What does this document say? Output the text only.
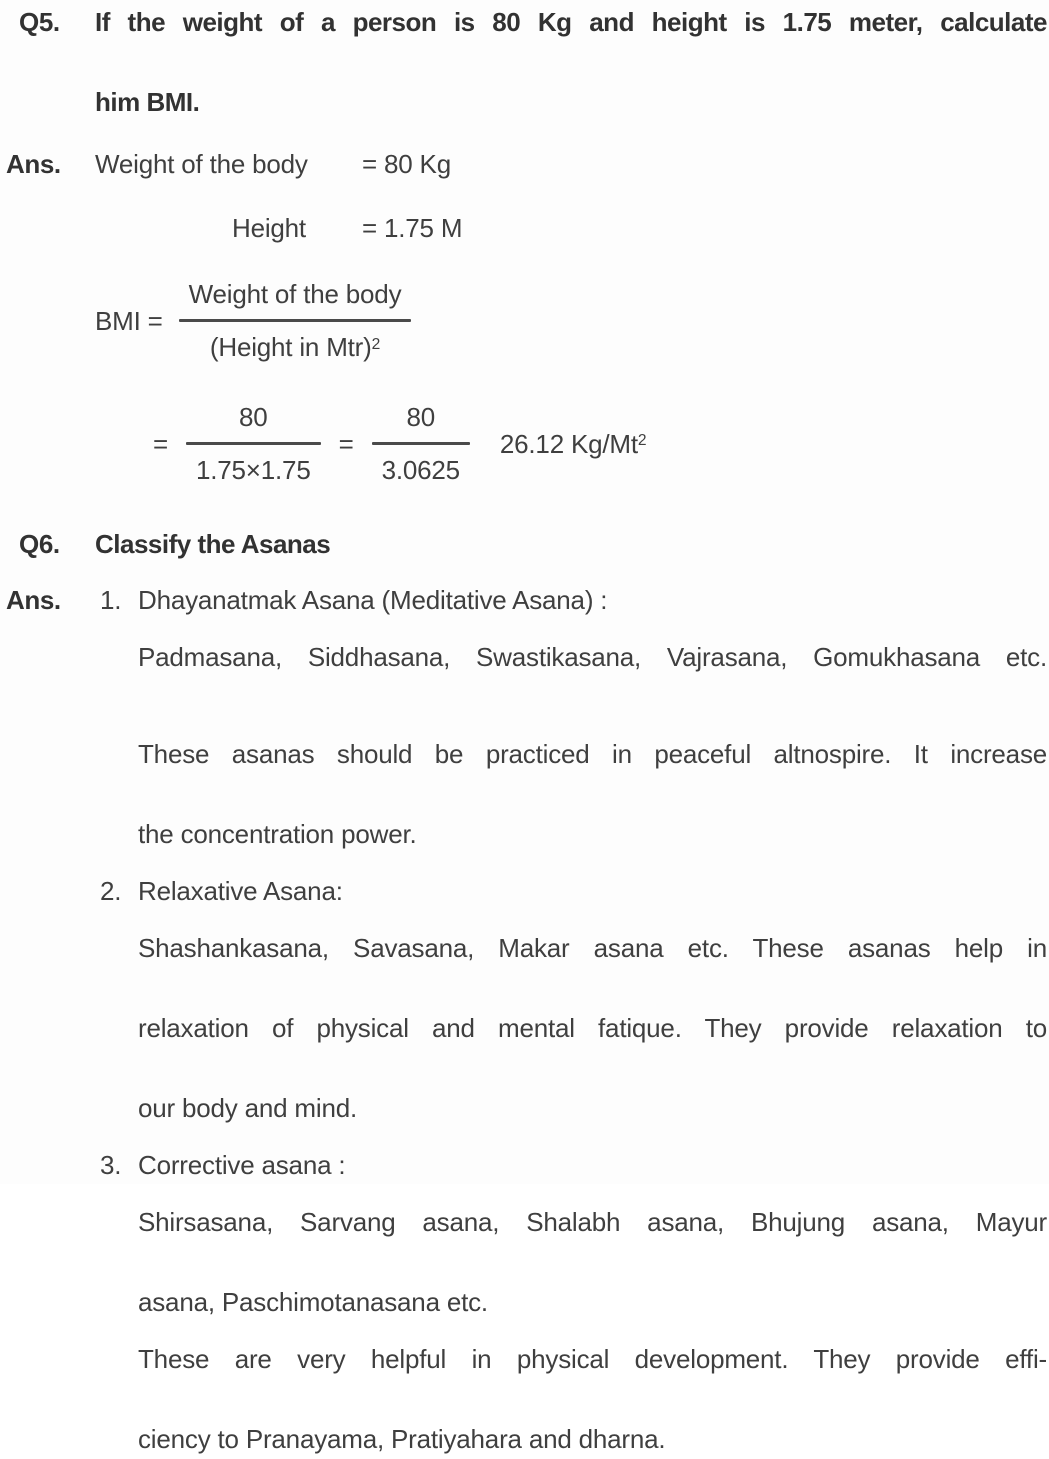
Q5.	If the weight of a person is 80 Kg and height is 1.75 meter, calculate
him BMI.
Ans.	Weight of the body	= 80 Kg
Height	= 1.75 M
BMI = $\frac{\text{Weight of the body}}{(Height in Mtr)^2}$
= $\frac{80}{1.75\times 1.75} = \frac{80}{3.0625} 26.12$ Kg/Mt$^2$
Q6.	Classify the Asanas
Ans.	1. Dhayanatmak Asana (Meditative Asana) :
Padmasana, Siddhasana, Swastikasana, Vajrasana, Gomukhasana etc.
These asanas should be practiced in peaceful altnospire. It increase
the concentration power.
2. Relaxative Asana:
Shashankasana, Savasana, Makar asana etc. These asanas help in
relaxation of physical and mental fatique. They provide relaxation to
our body and mind.
3. Corrective asana :
Shirsasana, Sarvang asana, Shalabh asana, Bhujung asana, Mayur
asana, Paschimotanasana etc.
These are very helpful in physical development. They provide effi-
ciency to Pranayama, Pratiyahara and dharna.
